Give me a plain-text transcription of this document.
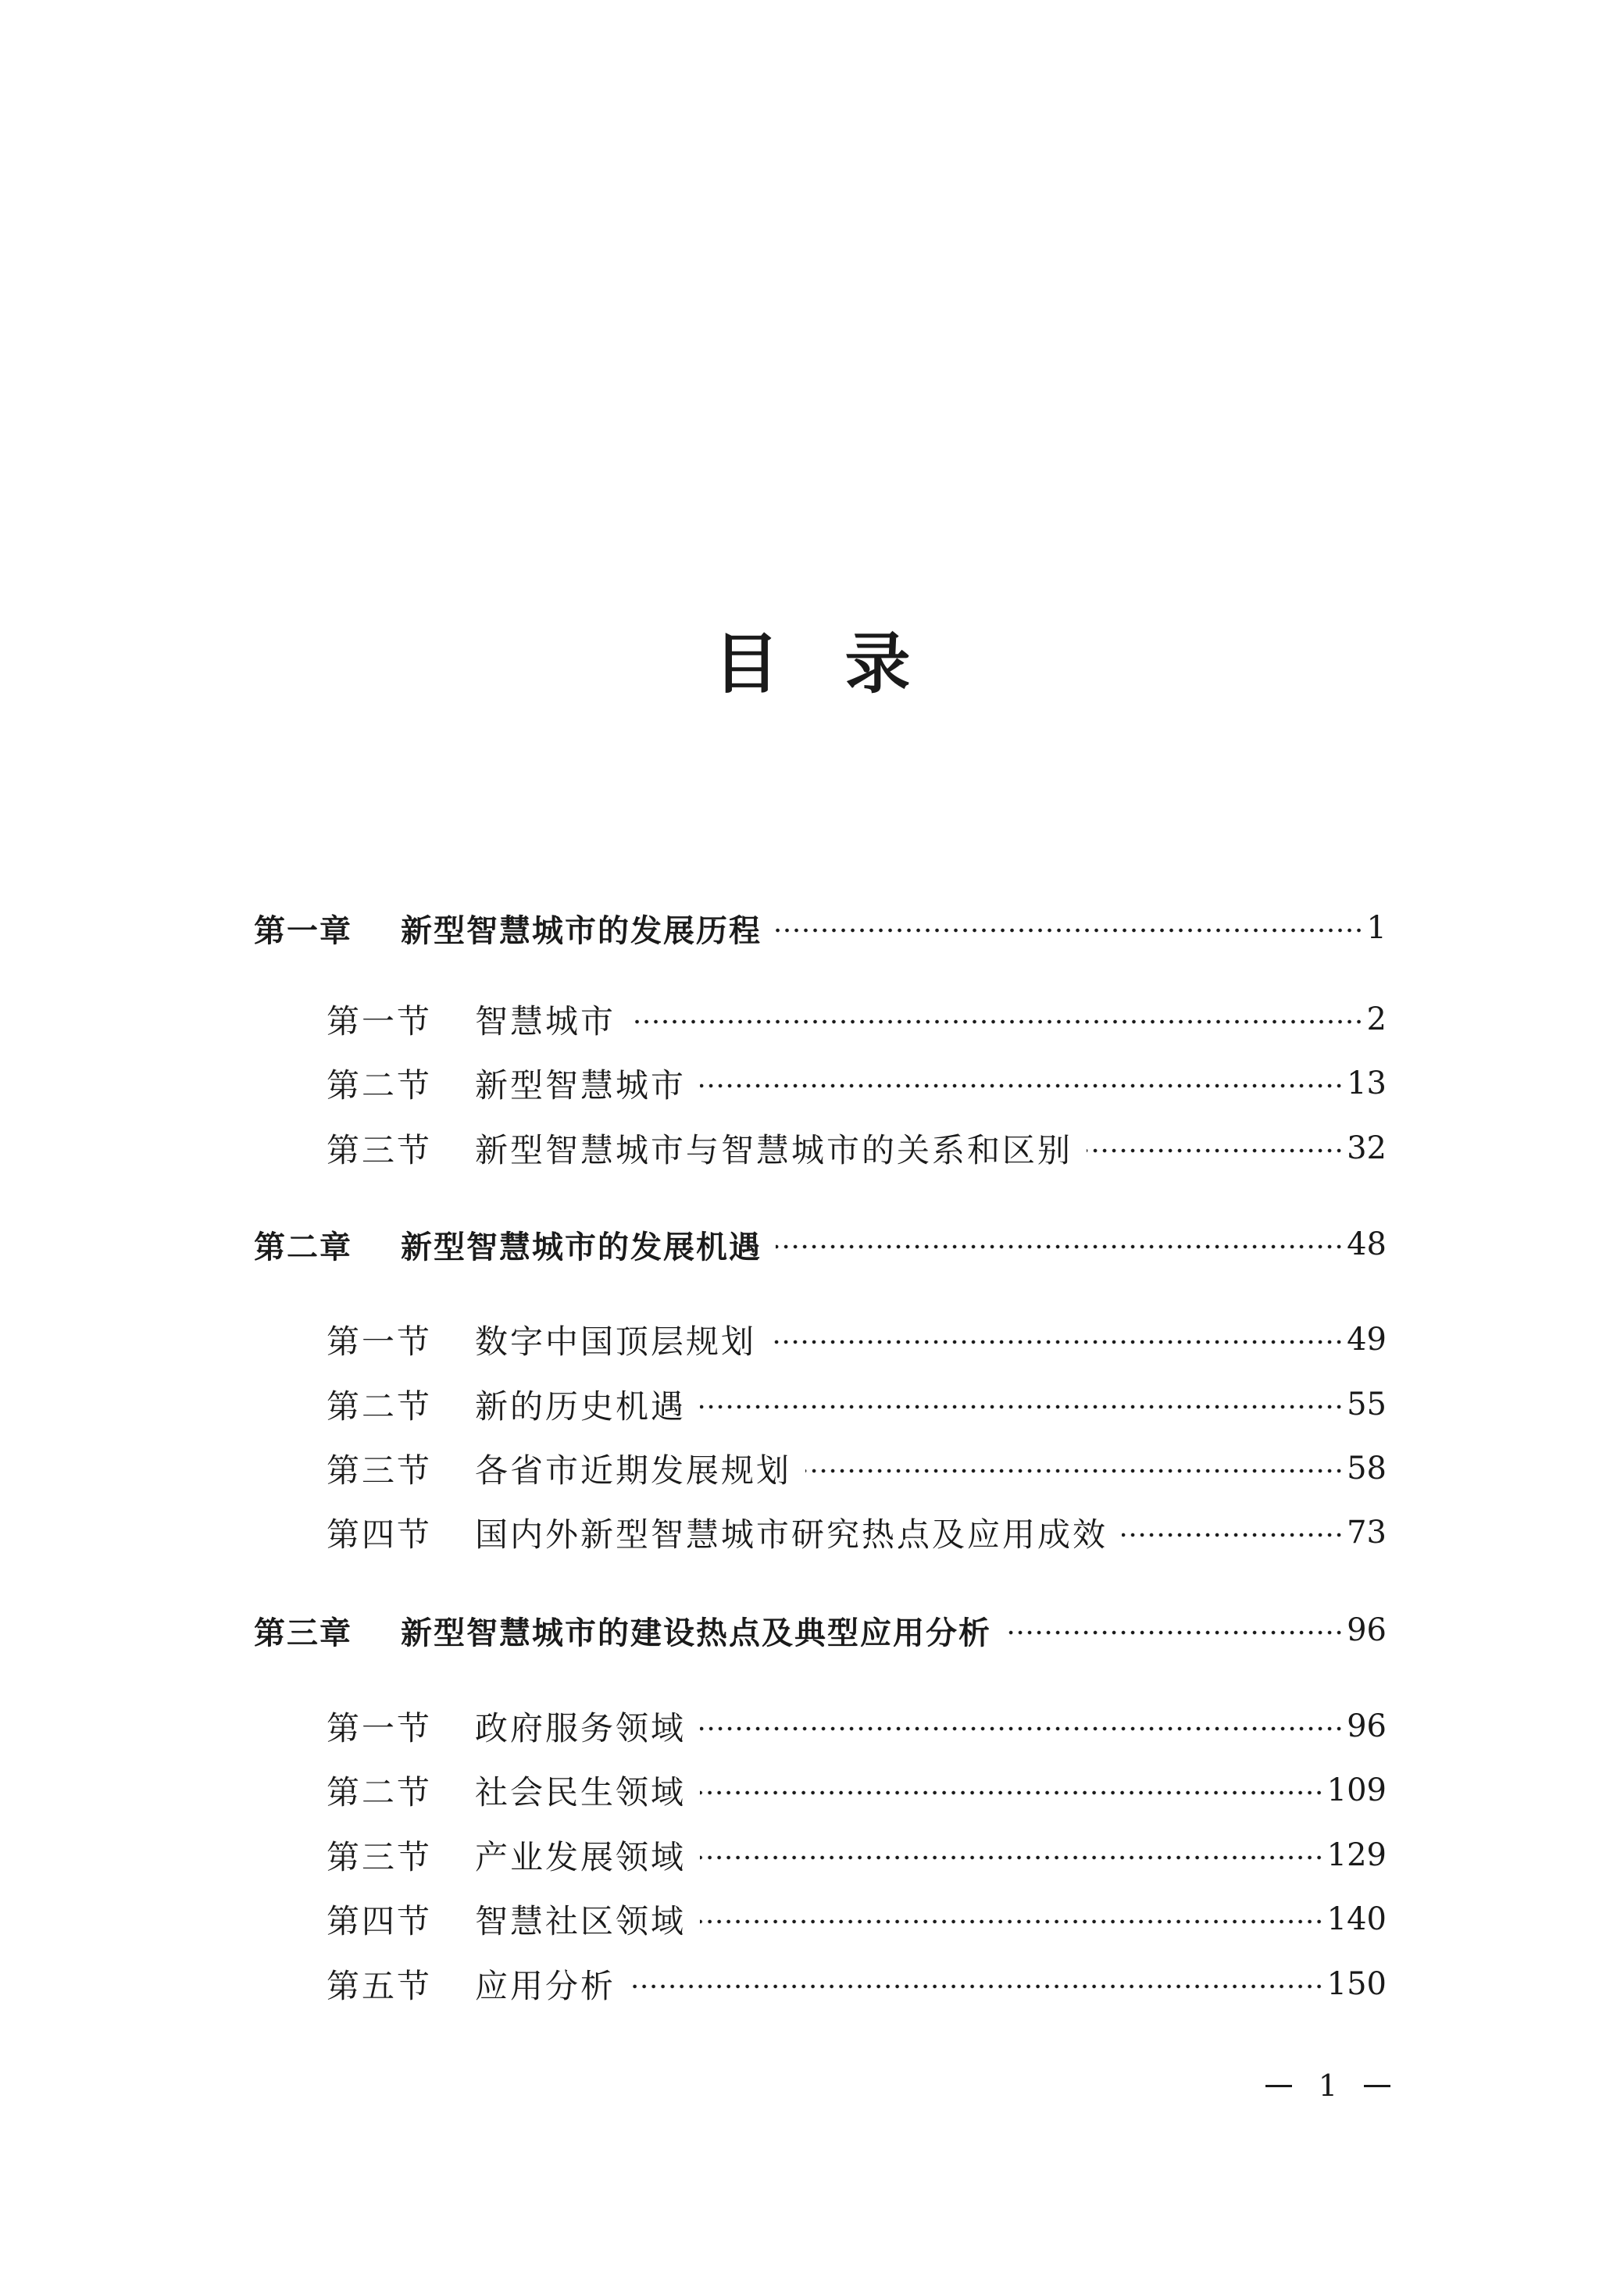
目 录
第一章	新型智慧城市的发展历程	1
第一节	智慧城市	2
第二节	新型智慧城市	13
第三节	新型智慧城市与智慧城市的关系和区别	32
第二章	新型智慧城市的发展机遇	48
第一节	数字中国顶层规划	49
第二节	新的历史机遇	55
第三节	各省市近期发展规划	58
第四节	国内外新型智慧城市研究热点及应用成效	73
第三章	新型智慧城市的建设热点及典型应用分析	96
第一节	政府服务领域	96
第二节	社会民生领域	109
第三节	产业发展领域	129
第四节	智慧社区领域	140
第五节	应用分析	150
1
